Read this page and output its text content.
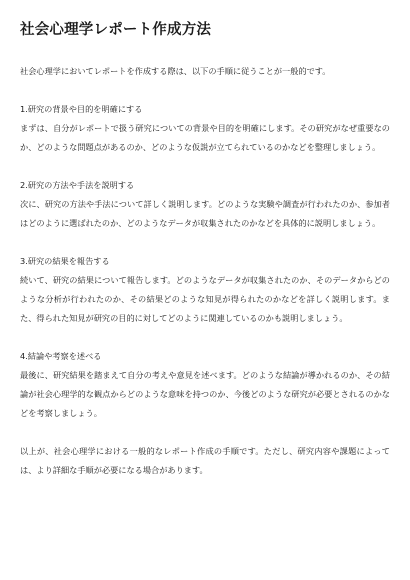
社会心理学レポート作成方法

社会心理学においてレポートを作成する際は、以下の手順に従うことが一般的です。

1.研究の背景や目的を明確にする

まずは、自分がレポートで扱う研究についての背景や目的を明確にします。その研究がなぜ重要なのか、どのような問題点があるのか、どのような仮説が立てられているのかなどを整理しましょう。

2.研究の方法や手法を説明する

次に、研究の方法や手法について詳しく説明します。どのような実験や調査が行われたのか、参加者はどのように選ばれたのか、どのようなデータが収集されたのかなどを具体的に説明しましょう。

3.研究の結果を報告する

続いて、研究の結果について報告します。どのようなデータが収集されたのか、そのデータからどのような分析が行われたのか、その結果どのような知見が得られたのかなどを詳しく説明します。また、得られた知見が研究の目的に対してどのように関連しているのかも説明しましょう。

4.結論や考察を述べる

最後に、研究結果を踏まえて自分の考えや意見を述べます。どのような結論が導かれるのか、その結論が社会心理学的な観点からどのような意味を持つのか、今後どのような研究が必要とされるのかなどを考察しましょう。

以上が、社会心理学における一般的なレポート作成の手順です。ただし、研究内容や課題によっては、より詳細な手順が必要になる場合があります。
